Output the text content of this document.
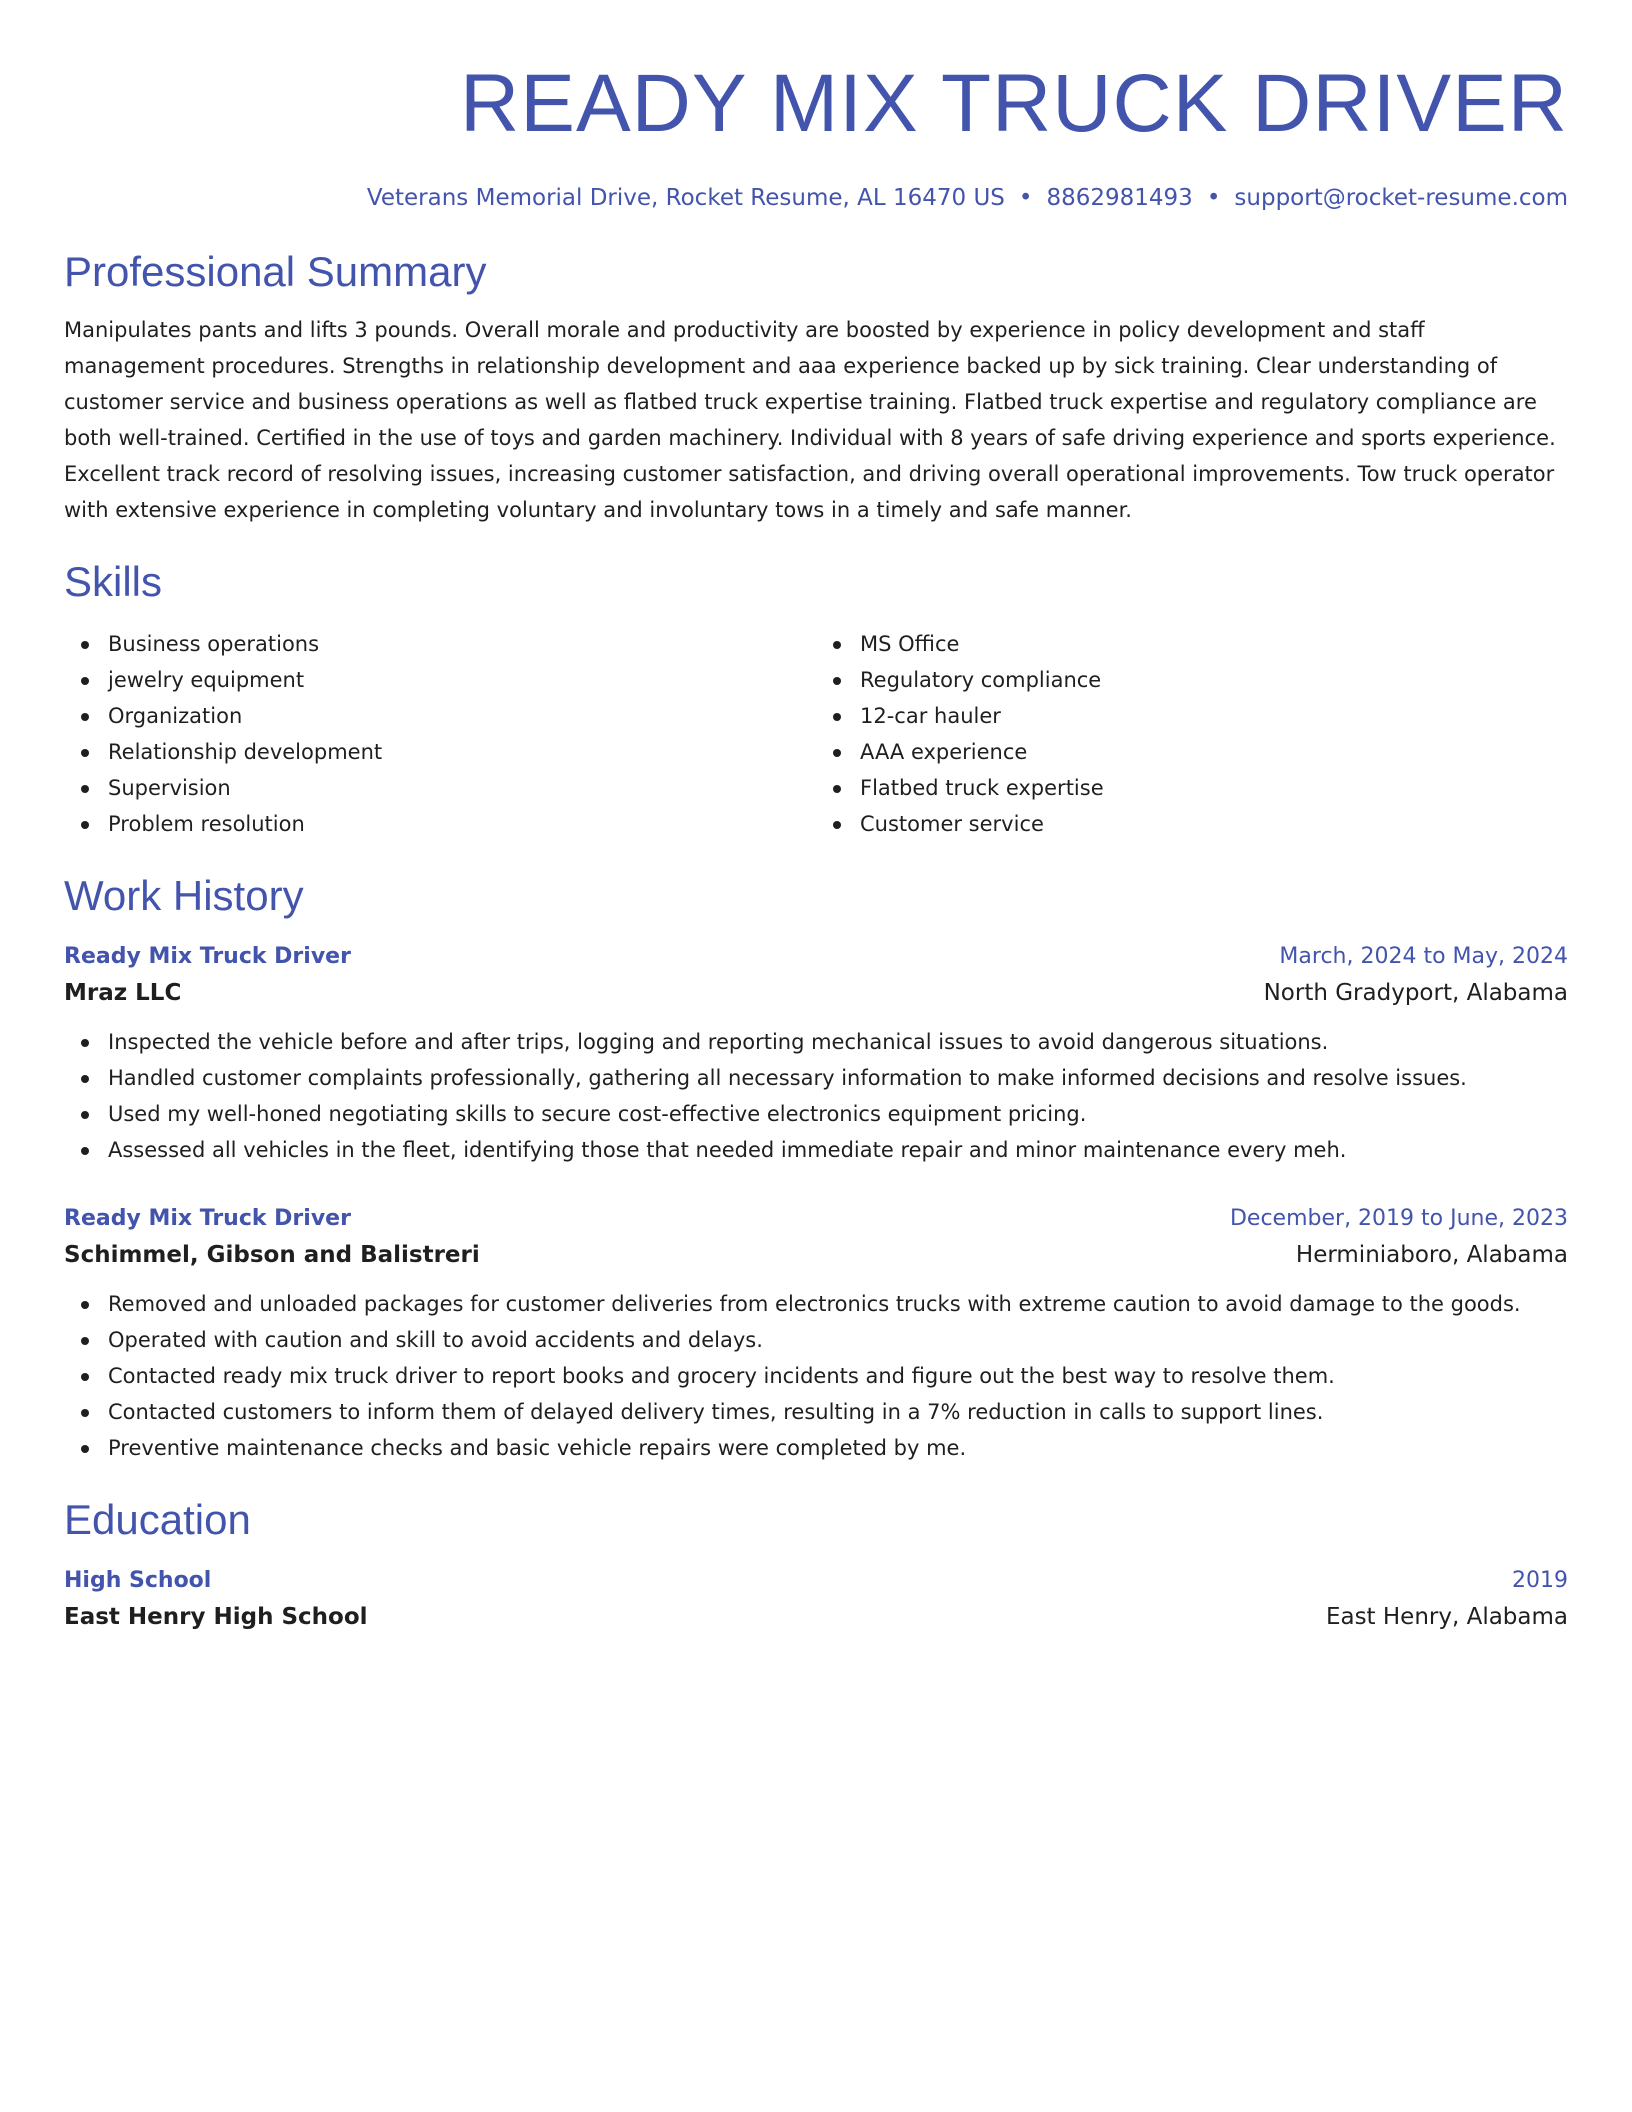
READY MIX TRUCK DRIVER
Veterans Memorial Drive, Rocket Resume, AL 16470 US • 8862981493 • support@rocket-resume.com
Professional Summary

Manipulates pants and lifts 3 pounds. Overall morale and productivity are boosted by experience in policy development and staff management procedures. Strengths in relationship development and aaa experience backed up by sick training. Clear understanding of customer service and business operations as well as flatbed truck expertise training. Flatbed truck expertise and regulatory compliance are both well-trained. Certified in the use of toys and garden machinery. Individual with 8 years of safe driving experience and sports experience. Excellent track record of resolving issues, increasing customer satisfaction, and driving overall operational improvements. Tow truck operator with extensive experience in completing voluntary and involuntary tows in a timely and safe manner.

Skills
Business operations
jewelry equipment
Organization
Relationship development
Supervision
Problem resolution
MS Office
Regulatory compliance
12-car hauler
AAA experience
Flatbed truck expertise
Customer service
Work History
Ready Mix Truck Driver	March, 2024 to May, 2024
Mraz LLC	North Gradyport, Alabama
Inspected the vehicle before and after trips, logging and reporting mechanical issues to avoid dangerous situations.
Handled customer complaints professionally, gathering all necessary information to make informed decisions and resolve issues.
Used my well-honed negotiating skills to secure cost-effective electronics equipment pricing.
Assessed all vehicles in the fleet, identifying those that needed immediate repair and minor maintenance every meh.
Ready Mix Truck Driver	December, 2019 to June, 2023
Schimmel, Gibson and Balistreri	Herminiaboro, Alabama
Removed and unloaded packages for customer deliveries from electronics trucks with extreme caution to avoid damage to the goods.
Operated with caution and skill to avoid accidents and delays.
Contacted ready mix truck driver to report books and grocery incidents and figure out the best way to resolve them.
Contacted customers to inform them of delayed delivery times, resulting in a 7% reduction in calls to support lines.
Preventive maintenance checks and basic vehicle repairs were completed by me.
Education
High School	2019
East Henry High School	East Henry, Alabama
